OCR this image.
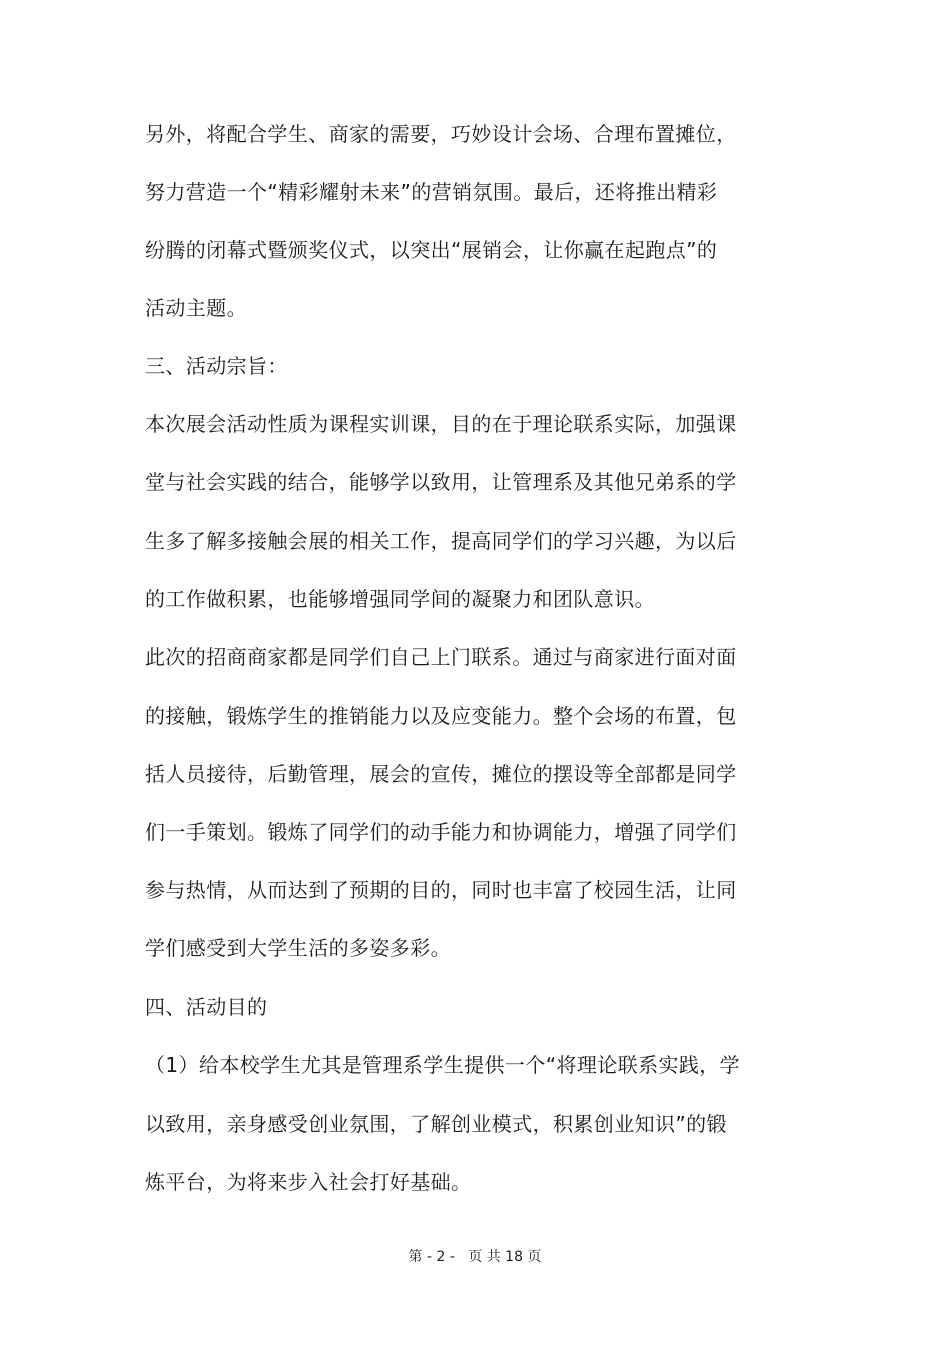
另外，将配合学生、商家的需要，巧妙设计会场、合理布置摊位，
努力营造一个“精彩耀射未来”的营销氛围。最后，还将推出精彩
纷腾的闭幕式暨颁奖仪式，以突出“展销会，让你赢在起跑点”的
活动主题。
三、活动宗旨：
本次展会活动性质为课程实训课，目的在于理论联系实际，加强课
堂与社会实践的结合，能够学以致用，让管理系及其他兄弟系的学
生多了解多接触会展的相关工作，提高同学们的学习兴趣，为以后
的工作做积累，也能够增强同学间的凝聚力和团队意识。
此次的招商商家都是同学们自己上门联系。通过与商家进行面对面
的接触，锻炼学生的推销能力以及应变能力。整个会场的布置，包
括人员接待，后勤管理，展会的宣传，摊位的摆设等全部都是同学
们一手策划。锻炼了同学们的动手能力和协调能力，增强了同学们
参与热情，从而达到了预期的目的，同时也丰富了校园生活，让同
学们感受到大学生活的多姿多彩。
四、活动目的
（1）给本校学生尤其是管理系学生提供一个“将理论联系实践，学
以致用，亲身感受创业氛围，了解创业模式，积累创业知识”的锻
炼平台，为将来步入社会打好基础。
第 - 2 -   页 共 18 页
